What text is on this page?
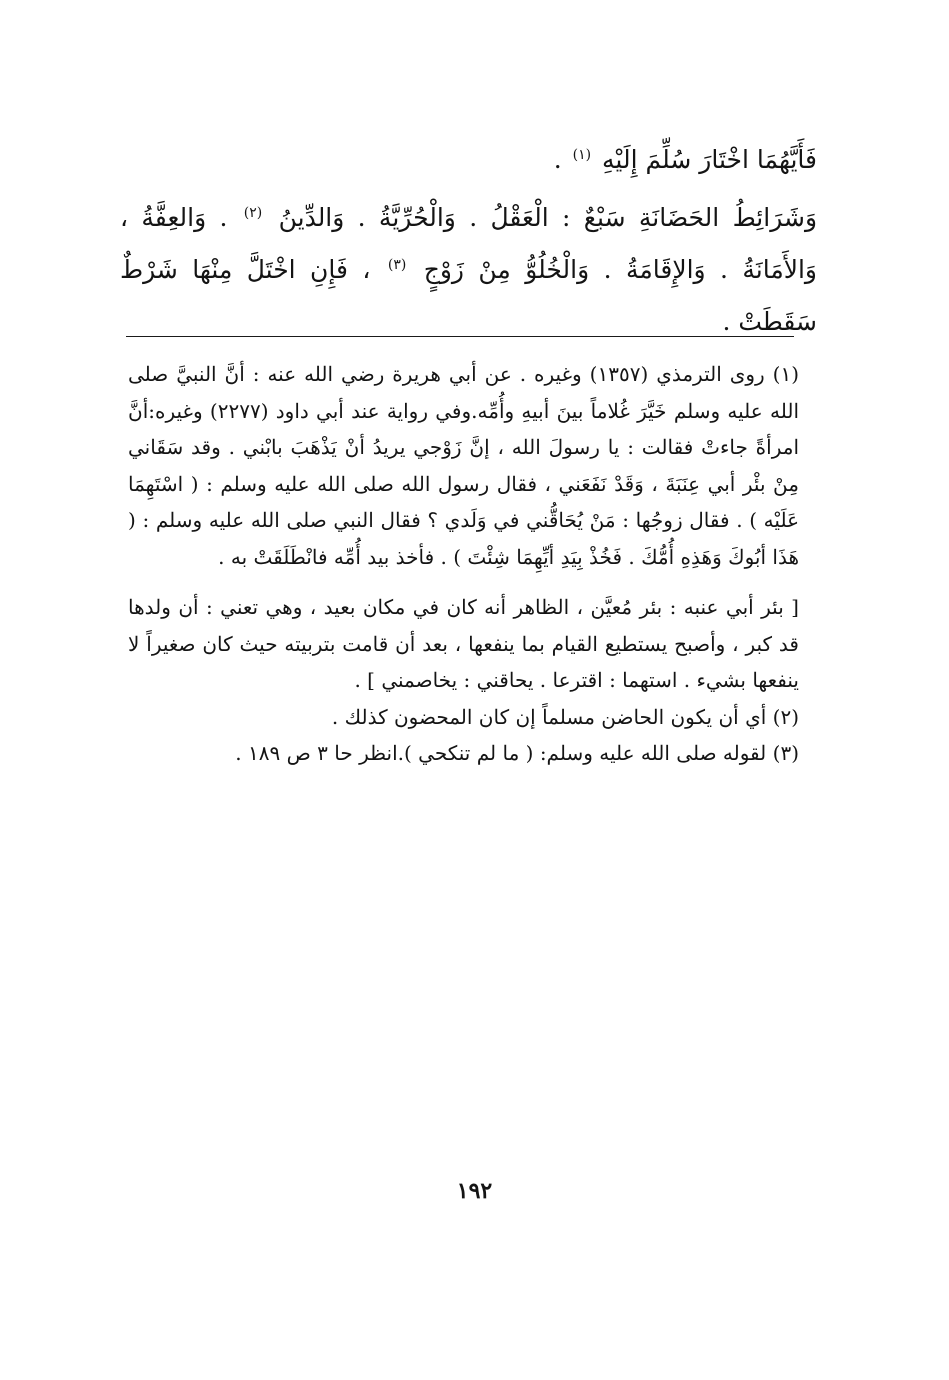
فَأَيَّهُمَا اخْتَارَ سُلِّمَ إِلَيْهِ $^{(١)}$ .

وَشَرَائِطُ الحَضَانَةِ سَبْعٌ : الْعَقْلُ . وَالْحُرِّيَّةُ . وَالدِّينُ $^{(٢)}$ . وَالعِفَّةُ ، وَالأَمَانَةُ . وَالإِقَامَةُ . وَالْخُلُوُّ مِنْ زَوْجٍ $^{(٣)}$ ، فَإِنِ اخْتَلَّ مِنْهَا شَرْطٌ سَقَطَتْ .

(١) روى الترمذي (١٣٥٧) وغيره . عن أبي هريرة رضي الله عنه : أنَّ النبيَّ صلى الله عليه وسلم خَيَّرَ غُلاماً بينَ أبيهِ وأُمِّه.وفي رواية عند أبي داود (٢٢٧٧) وغيره:أنَّ امرأةً جاءتْ فقالت : يا رسولَ الله ، إنَّ زَوْجي يريدُ أنْ يَذْهَبَ بابْني . وقد سَقَاني مِنْ بئْر أبي عِنَبَةَ ، وَقَدْ نَفَعَني ، فقال رسول الله صلى الله عليه وسلم : ( اسْتَهِمَا عَلَيْه ) . فقال زوجُها : مَنْ يُحَاقُّني في وَلَدي ؟ فقال النبي صلى الله عليه وسلم : ( هَذَا أبُوكَ وَهَذِهِ أُمُّكَ . فَخُذْ بِيَدِ أيِّهِمَا شِئْتَ ) . فأخذ بيد أُمِّه فانْطَلَقَتْ به .

[ بئر أبي عنبه : بئر مُعيَّن ، الظاهر أنه كان في مكان بعيد ، وهي تعني : أن ولدها قد كبر ، وأصبح يستطيع القيام بما ينفعها ، بعد أن قامت بتربيته حيث كان صغيراً لا ينفعها بشيء . استهما : اقترعا . يحاقني : يخاصمني ] .

(٢) أي أن يكون الحاضن مسلماً إن كان المحضون كذلك .

(٣) لقوله صلى الله عليه وسلم: ( ما لم تنكحي ).انظر حا ٣ ص ١٨٩ .

١٩٢
